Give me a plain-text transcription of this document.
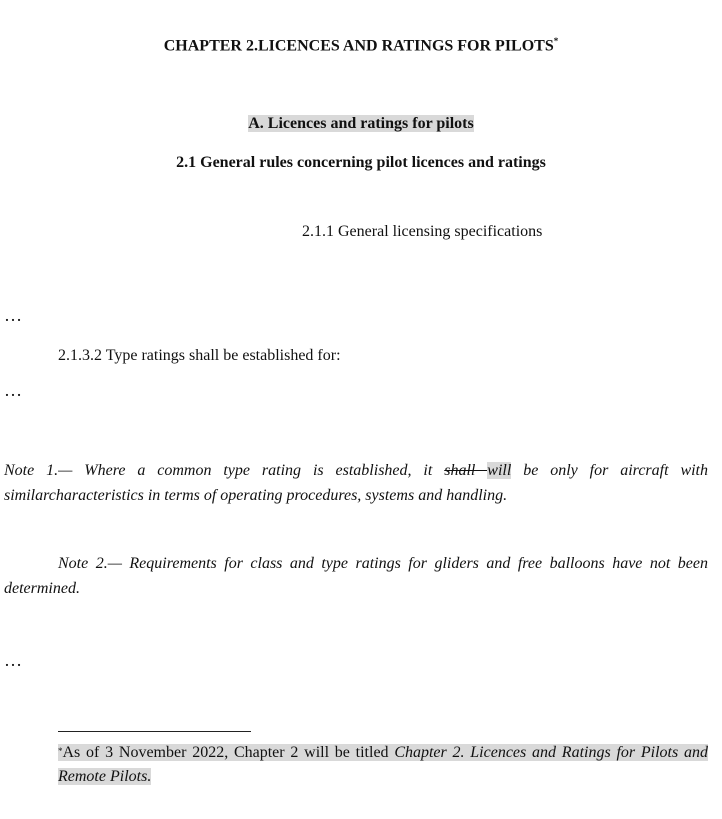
CHAPTER 2.LICENCES AND RATINGS FOR PILOTS*
A. Licences and ratings for pilots
2.1 General rules concerning pilot licences and ratings
2.1.1 General licensing specifications
…
2.1.3.2 Type ratings shall be established for:
…
Note 1.— Where a common type rating is established, it shall will be only for aircraft with similarcharacteristics in terms of operating procedures, systems and handling.
Note 2.— Requirements for class and type ratings for gliders and free balloons have not been determined.
…
*As of 3 November 2022, Chapter 2 will be titled Chapter 2. Licences and Ratings for Pilots and Remote Pilots.
